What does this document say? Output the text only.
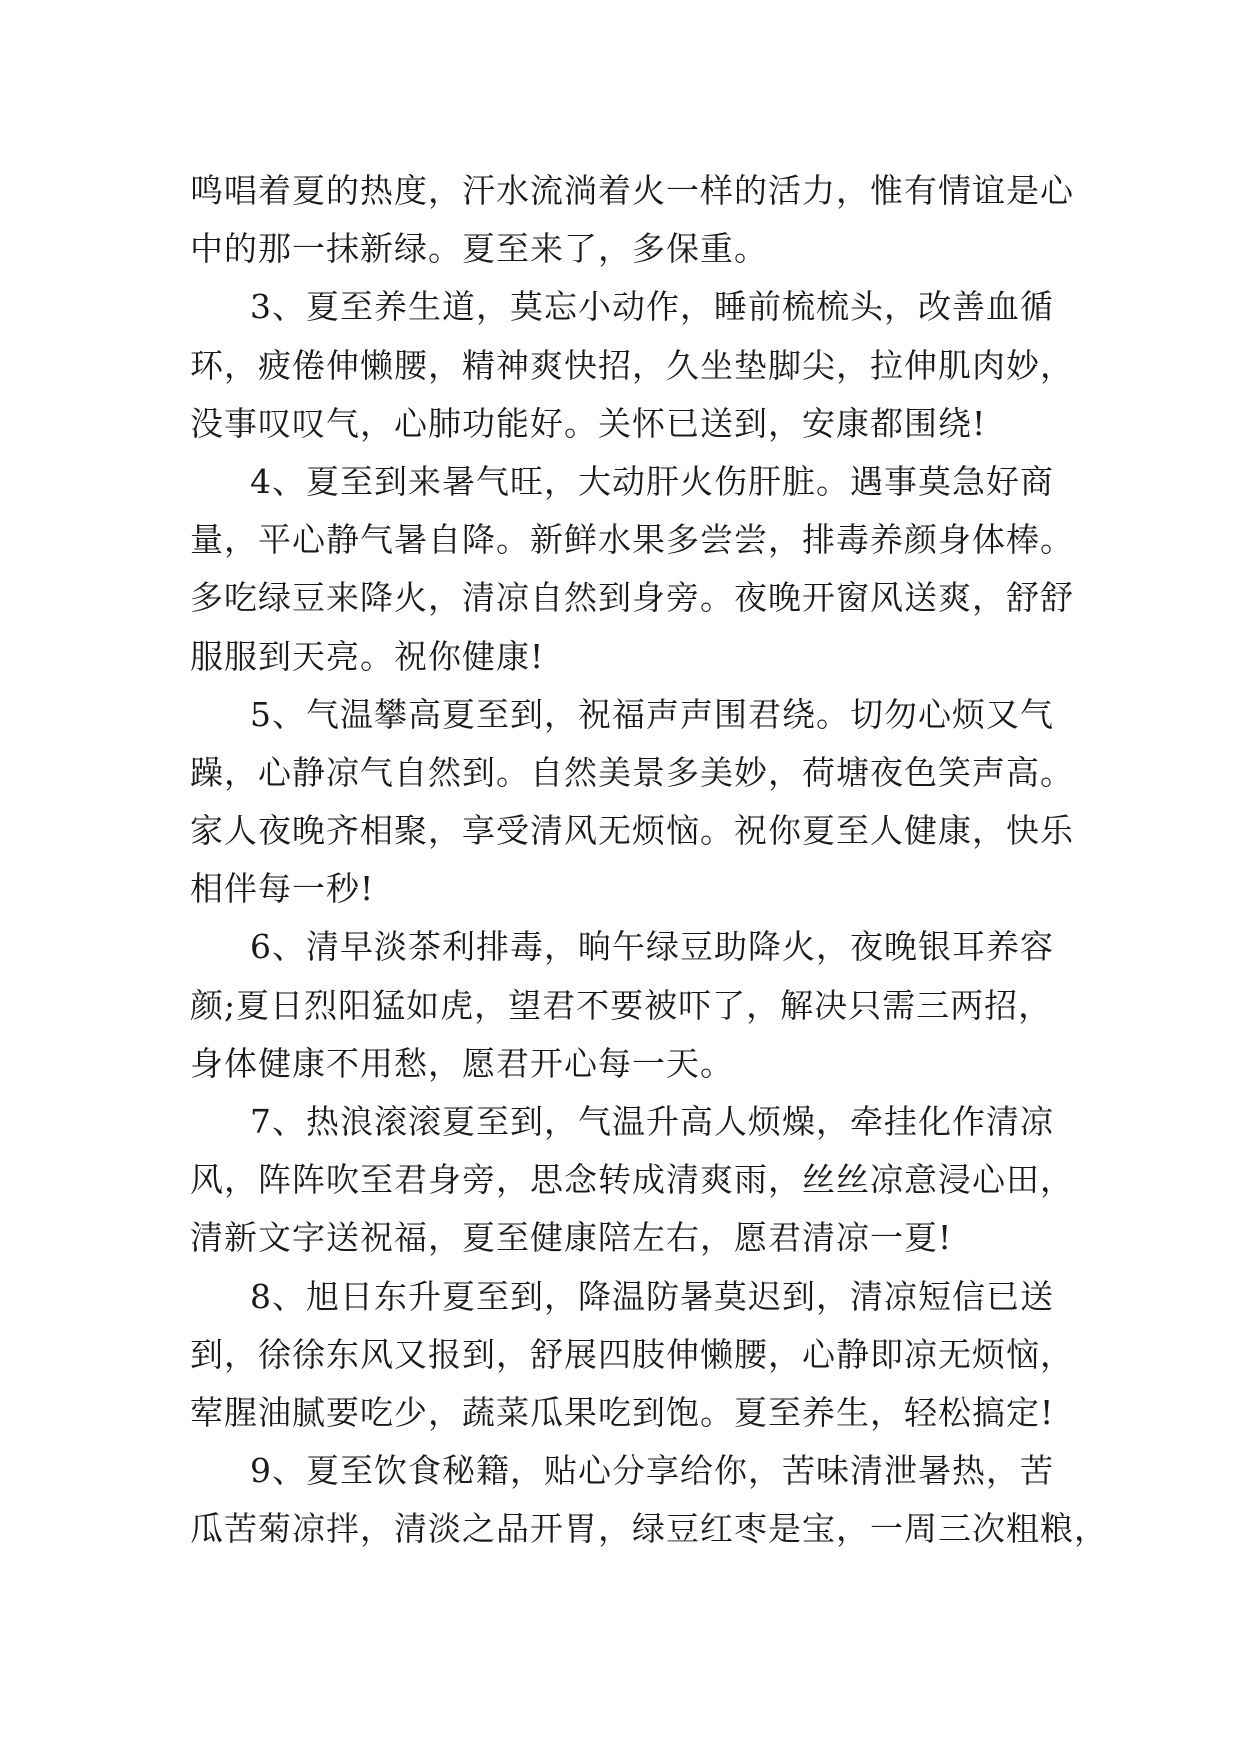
鸣唱着夏的热度，汗水流淌着火一样的活力，惟有情谊是心
中的那一抹新绿。夏至来了，多保重。
3、夏至养生道，莫忘小动作，睡前梳梳头，改善血循
环，疲倦伸懒腰，精神爽快招，久坐垫脚尖，拉伸肌肉妙，
没事叹叹气，心肺功能好。关怀已送到，安康都围绕!
4、夏至到来暑气旺，大动肝火伤肝脏。遇事莫急好商
量，平心静气暑自降。新鲜水果多尝尝，排毒养颜身体棒。
多吃绿豆来降火，清凉自然到身旁。夜晚开窗风送爽，舒舒
服服到天亮。祝你健康!
5、气温攀高夏至到，祝福声声围君绕。切勿心烦又气
躁，心静凉气自然到。自然美景多美妙，荷塘夜色笑声高。
家人夜晚齐相聚，享受清风无烦恼。祝你夏至人健康，快乐
相伴每一秒!
6、清早淡茶利排毒，晌午绿豆助降火，夜晚银耳养容
颜;夏日烈阳猛如虎，望君不要被吓了，解决只需三两招，
身体健康不用愁，愿君开心每一天。
7、热浪滚滚夏至到，气温升高人烦燥，牵挂化作清凉
风，阵阵吹至君身旁，思念转成清爽雨，丝丝凉意浸心田，
清新文字送祝福，夏至健康陪左右，愿君清凉一夏!
8、旭日东升夏至到，降温防暑莫迟到，清凉短信已送
到，徐徐东风又报到，舒展四肢伸懒腰，心静即凉无烦恼，
荤腥油腻要吃少，蔬菜瓜果吃到饱。夏至养生，轻松搞定!
9、夏至饮食秘籍，贴心分享给你，苦味清泄暑热，苦
瓜苦菊凉拌，清淡之品开胃，绿豆红枣是宝，一周三次粗粮，
